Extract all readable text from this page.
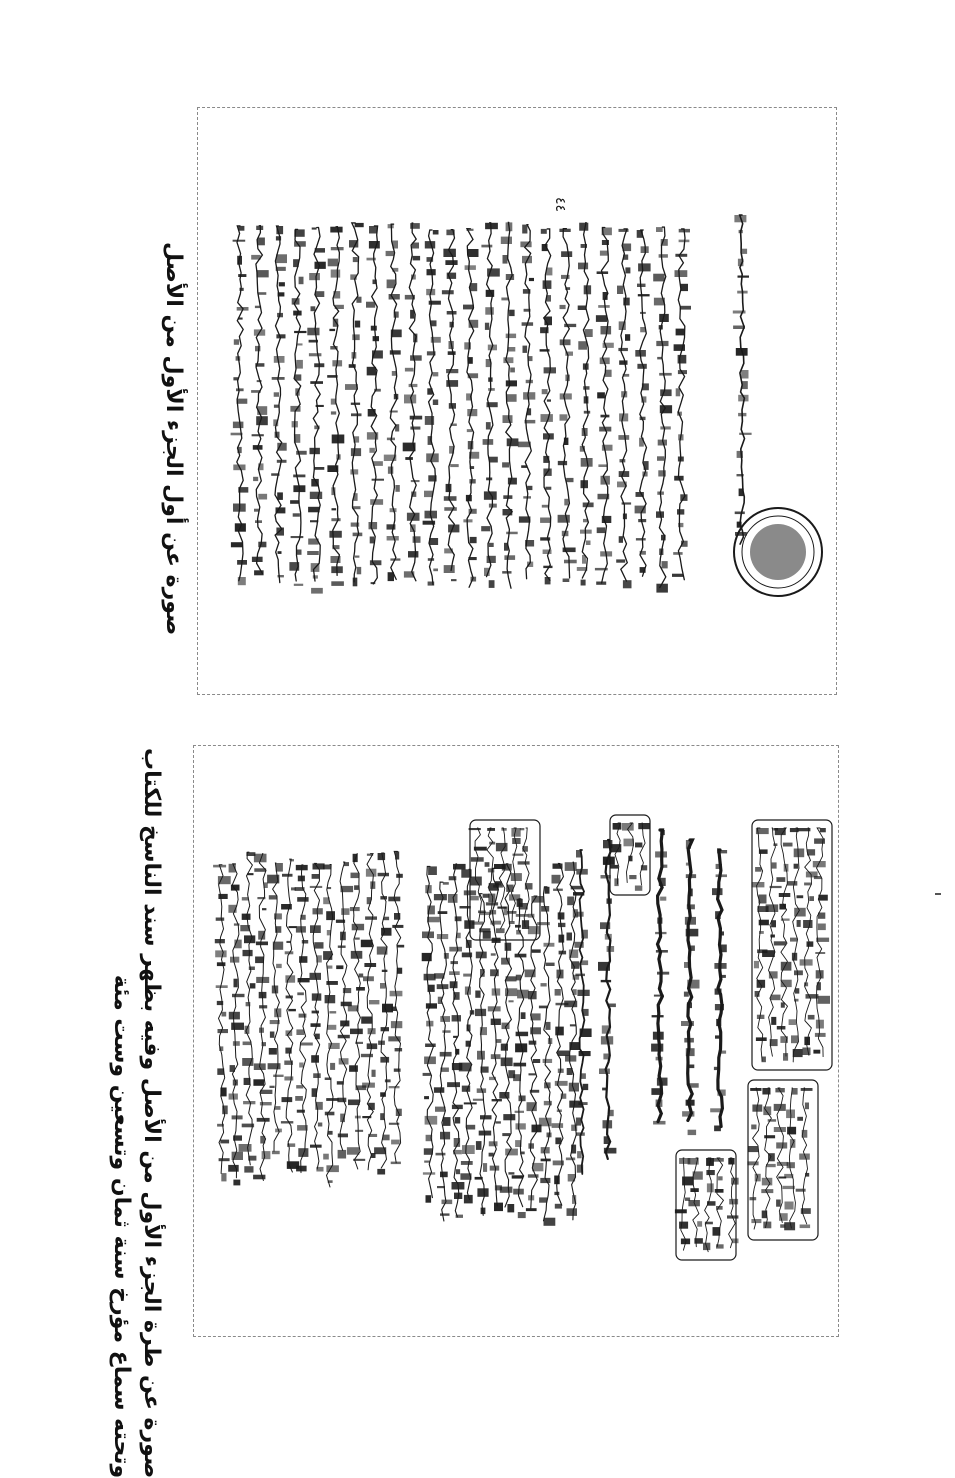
صورة عن أول الجزء الأول من الأصل
صورة عن طرة الجزء الأول من الأصل وفيه بظهر سند الناسخ للكتاب
وتحته سماع مؤرخ سنة ثمان وتسعين وست مئة
٤٤
